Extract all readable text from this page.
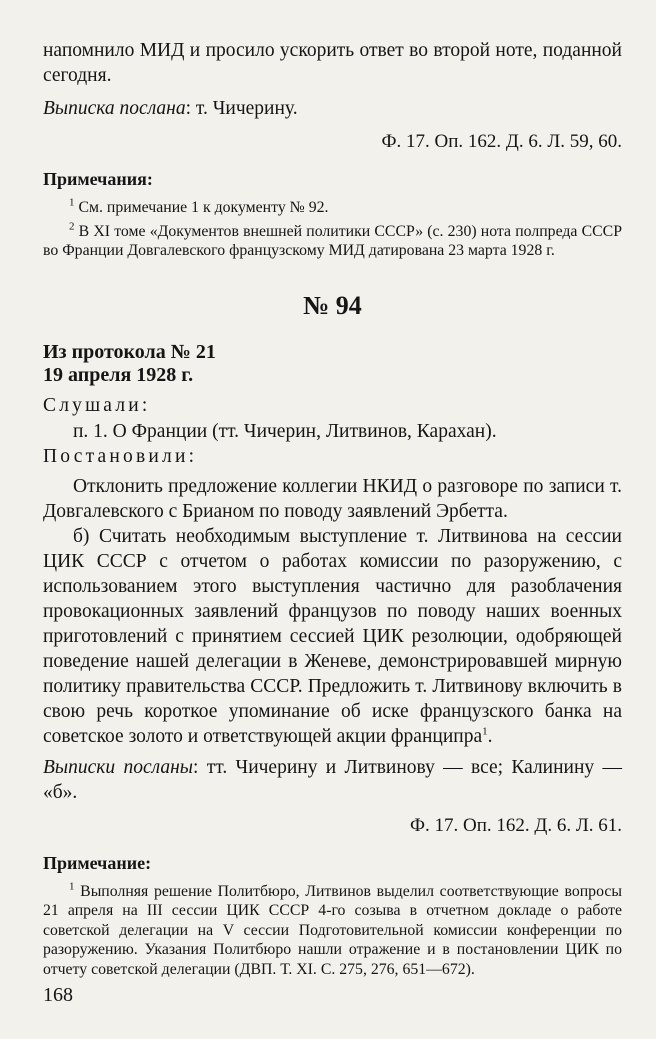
напомнило МИД и просило ускорить ответ во второй ноте, поданной сегодня.

Выписка послана: т. Чичерину.

Ф. 17. Оп. 162. Д. 6. Л. 59, 60.

Примечания:

$^1$ См. примечание 1 к документу № 92.

$^2$ В XI томе «Документов внешней политики СССР» (с. 230) нота полпреда СССР во Франции Довгалевского французскому МИД датирована 23 марта 1928 г.

№ 94

Из протокола № 21

19 апреля 1928 г.

Слушали:

п. 1. О Франции (тт. Чичерин, Литвинов, Карахан).

Постановили:

Отклонить предложение коллегии НКИД о разговоре по записи т. Довгалевского с Брианом по поводу заявлений Эрбетта.

б) Считать необходимым выступление т. Литвинова на сессии ЦИК СССР с отчетом о работах комиссии по разоружению, с использованием этого выступления частично для разоблачения провокационных заявлений французов по поводу наших военных приготовлений с принятием сессией ЦИК резолюции, одобряющей поведение нашей делегации в Женеве, демонстрировавшей мирную политику правительства СССР. Предложить т. Литвинову включить в свою речь короткое упоминание об иске французского банка на советское золото и ответствующей акции франципра$^1$.

Выписки посланы: тт. Чичерину и Литвинову — все; Калинину — «б».

Ф. 17. Оп. 162. Д. 6. Л. 61.

Примечание:

$^1$ Выполняя решение Политбюро, Литвинов выделил соответствующие вопросы 21 апреля на III сессии ЦИК СССР 4-го созыва в отчетном докладе о работе советской делегации на V сессии Подготовительной комиссии конференции по разоружению. Указания Политбюро нашли отражение и в постановлении ЦИК по отчету советской делегации (ДВП. Т. XI. С. 275, 276, 651—672).

168
